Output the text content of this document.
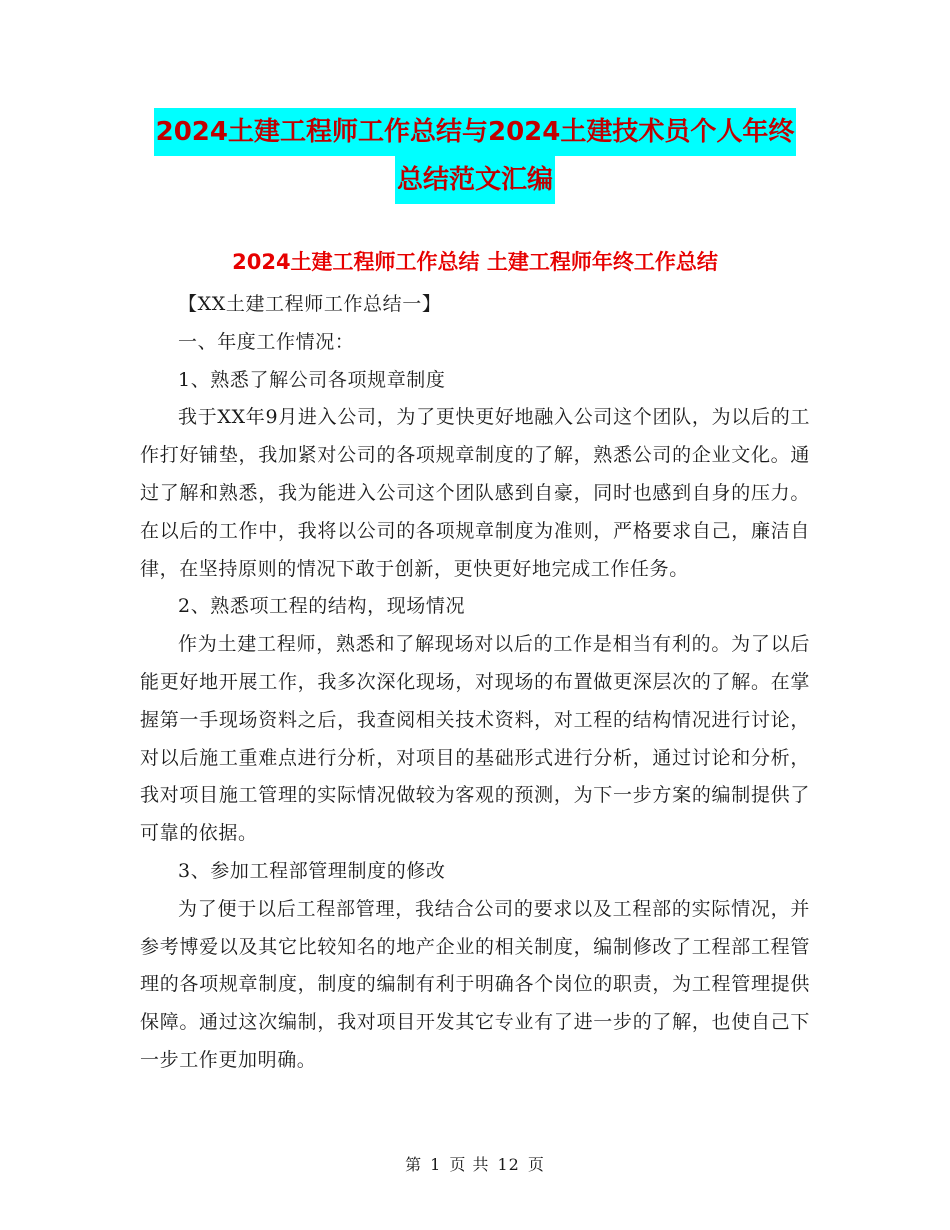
2024土建工程师工作总结与2024土建技术员个人年终
总结范文汇编
2024土建工程师工作总结 土建工程师年终工作总结

【XX土建工程师工作总结一】

一、年度工作情况：

1、熟悉了解公司各项规章制度

我于XX年9月进入公司，为了更快更好地融入公司这个团队，为以后的工作打好铺垫，我加紧对公司的各项规章制度的了解，熟悉公司的企业文化。通过了解和熟悉，我为能进入公司这个团队感到自豪，同时也感到自身的压力。在以后的工作中，我将以公司的各项规章制度为准则，严格要求自己，廉洁自律，在坚持原则的情况下敢于创新，更快更好地完成工作任务。

2、熟悉项工程的结构，现场情况

作为土建工程师，熟悉和了解现场对以后的工作是相当有利的。为了以后能更好地开展工作，我多次深化现场，对现场的布置做更深层次的了解。在掌握第一手现场资料之后，我查阅相关技术资料，对工程的结构情况进行讨论，对以后施工重难点进行分析，对项目的基础形式进行分析，通过讨论和分析，我对项目施工管理的实际情况做较为客观的预测，为下一步方案的编制提供了可靠的依据。

3、参加工程部管理制度的修改

为了便于以后工程部管理，我结合公司的要求以及工程部的实际情况，并参考博爱以及其它比较知名的地产企业的相关制度，编制修改了工程部工程管理的各项规章制度，制度的编制有利于明确各个岗位的职责，为工程管理提供保障。通过这次编制，我对项目开发其它专业有了进一步的了解，也使自己下一步工作更加明确。

第 1 页 共 12 页
